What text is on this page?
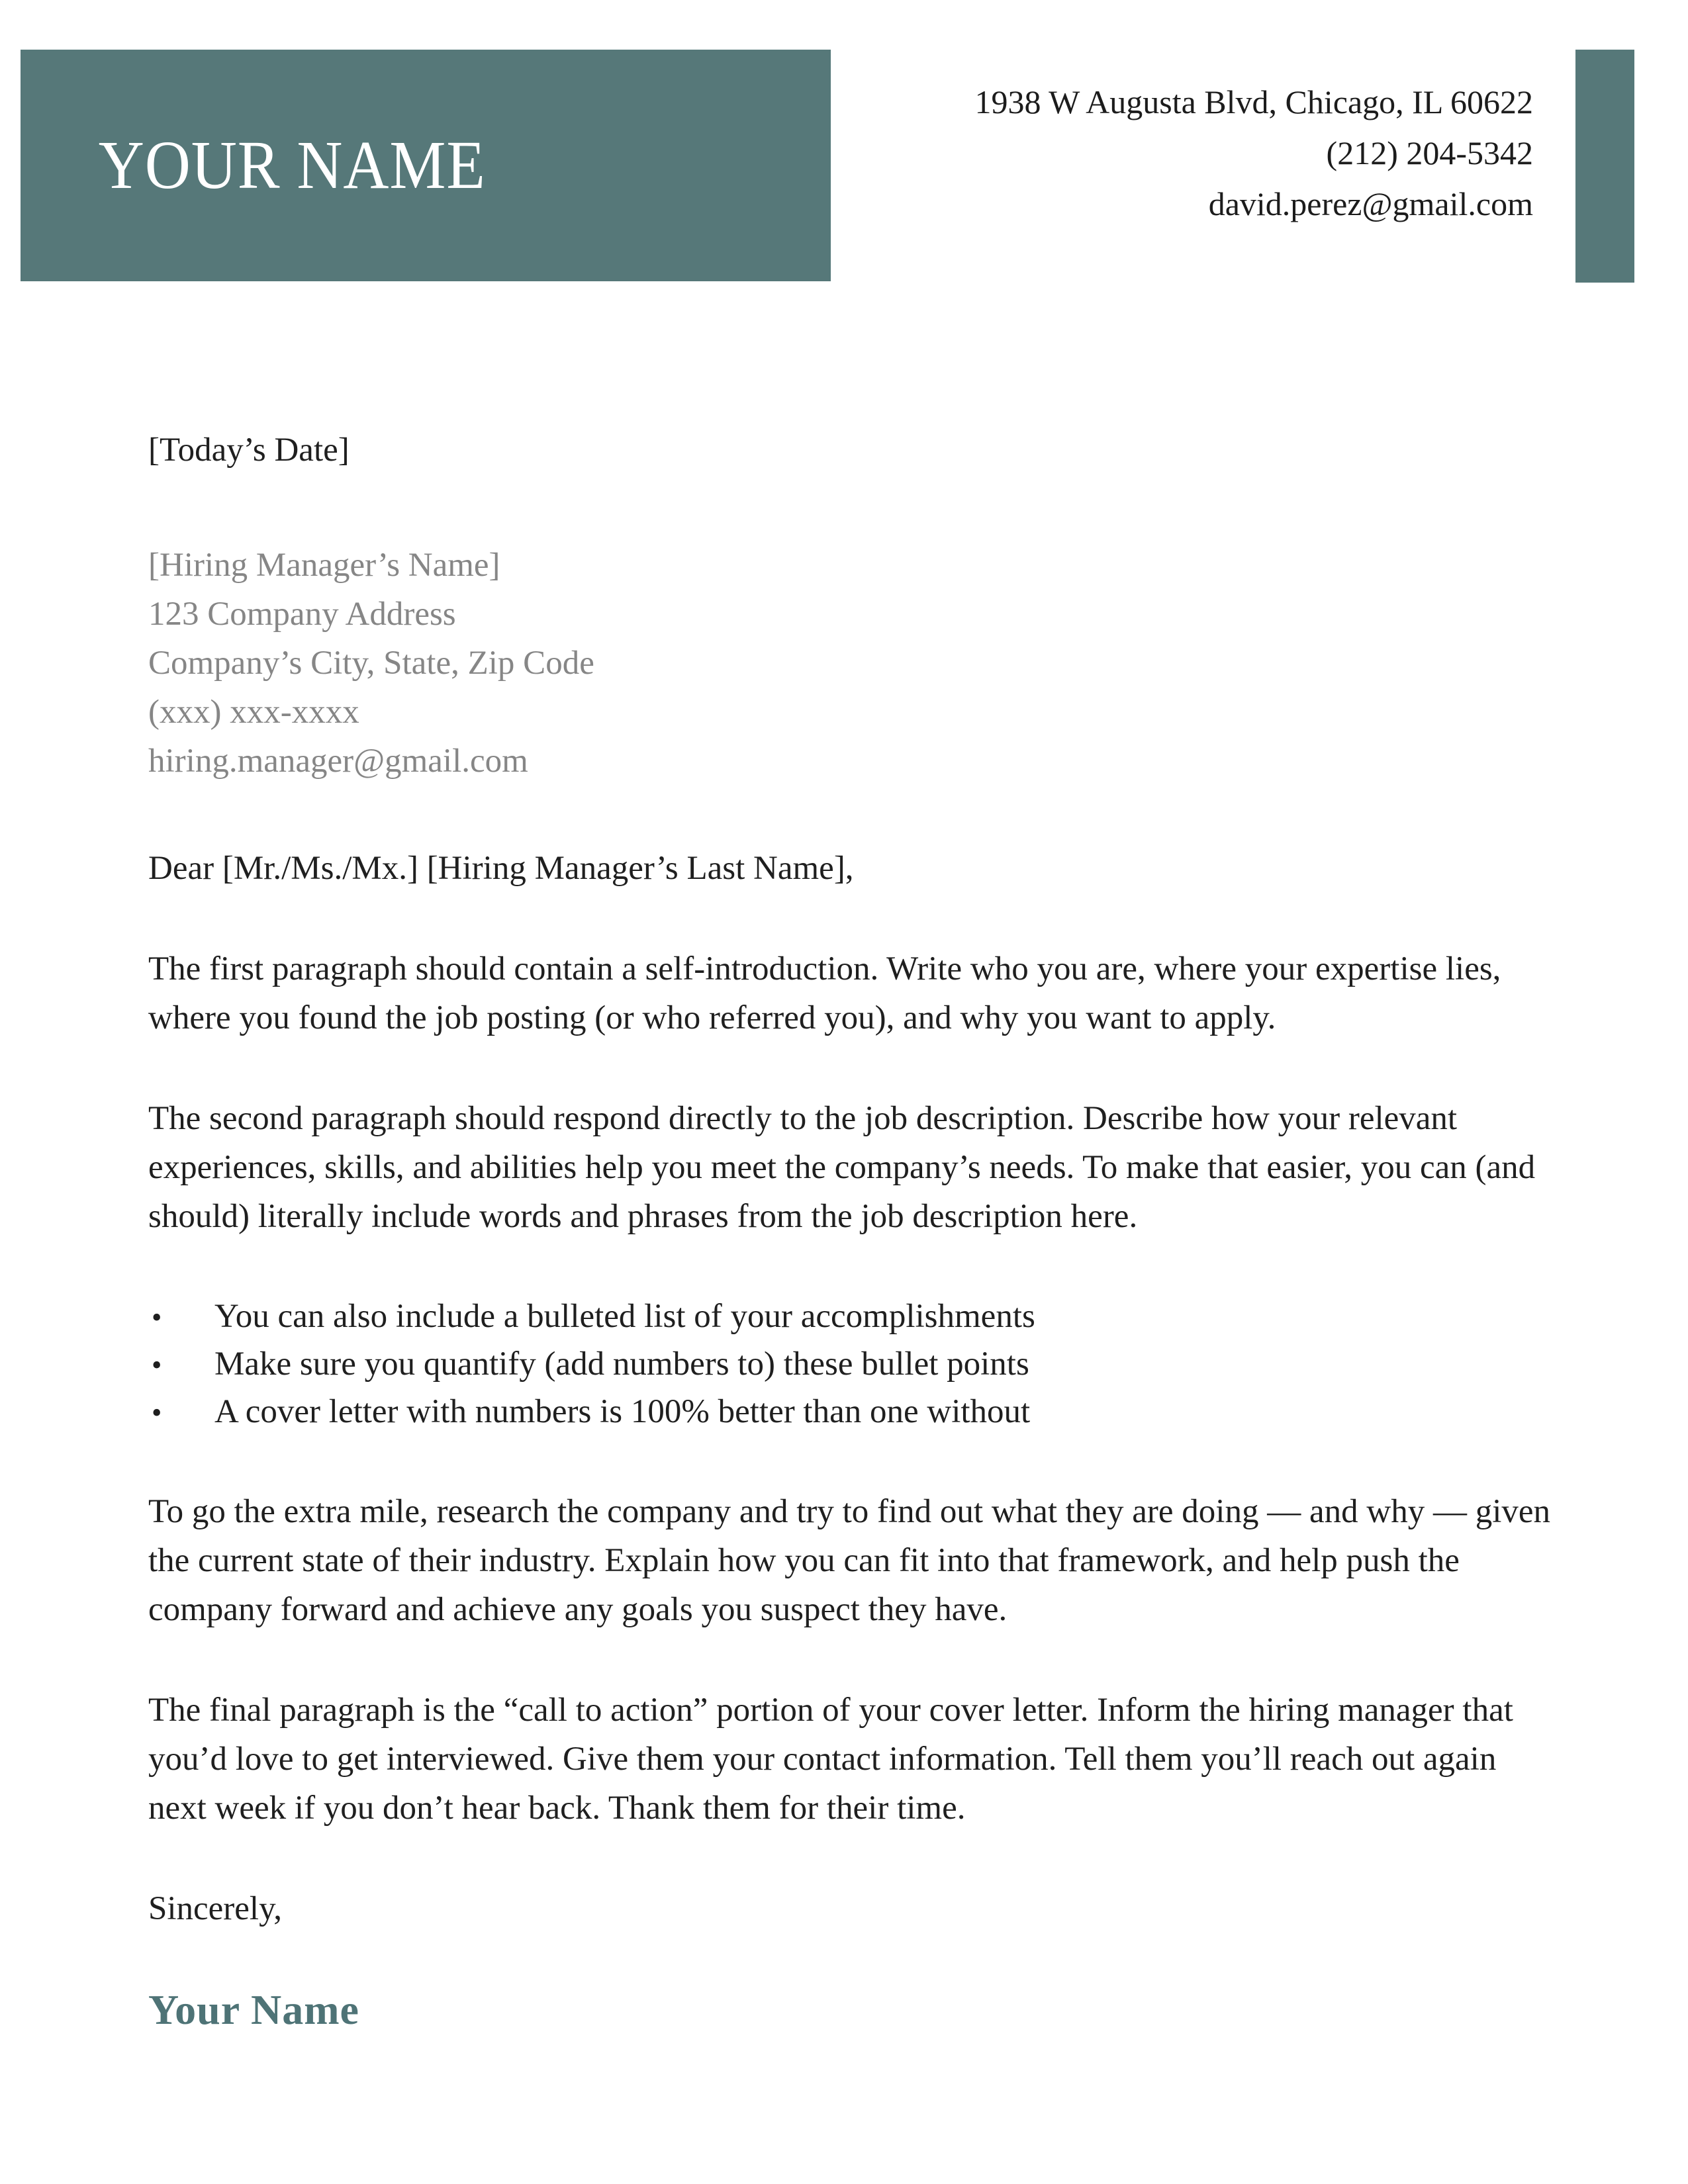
YOUR NAME
1938 W Augusta Blvd, Chicago, IL 60622
(212) 204-5342
david.perez@gmail.com

[Today’s Date]

[Hiring Manager’s Name]
123 Company Address
Company’s City, State, Zip Code
(xxx) xxx-xxxx
hiring.manager@gmail.com

Dear [Mr./Ms./Mx.] [Hiring Manager’s Last Name],

The first paragraph should contain a self-introduction. Write who you are, where your expertise lies, where you found the job posting (or who referred you), and why you want to apply.

The second paragraph should respond directly to the job description. Describe how your relevant experiences, skills, and abilities help you meet the company’s needs. To make that easier, you can (and should) literally include words and phrases from the job description here.

• You can also include a bulleted list of your accomplishments
• Make sure you quantify (add numbers to) these bullet points
• A cover letter with numbers is 100% better than one without

To go the extra mile, research the company and try to find out what they are doing — and why — given the current state of their industry. Explain how you can fit into that framework, and help push the company forward and achieve any goals you suspect they have.

The final paragraph is the “call to action” portion of your cover letter. Inform the hiring manager that you’d love to get interviewed. Give them your contact information. Tell them you’ll reach out again next week if you don’t hear back. Thank them for their time.

Sincerely,

Your Name
